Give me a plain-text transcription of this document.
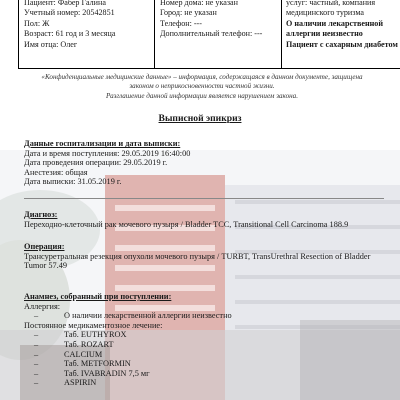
Пациент: Фабер Галина
Учетный номер: 20542851
Пол: Ж
Возраст: 61 год и 3 месяца
Имя отца: Олег
Номер дома: не указан
Город: не указан
Телефон: ---
Дополнительный телефон: ---
услуг: частный, компания медицинского туризма
О наличии лекарственной аллергии неизвестно
Пациент с сахарным диабетом
«Конфиденциальные медицинские данные» – информация, содержащаяся в данном документе, защищена
законом о неприкосновенности частной жизни.
Разглашение данной информации является нарушением закона.
Выписной эпикриз
Данные госпитализации и дата выписки:
Дата и время поступления: 29.05.2019 16:40:00
Дата проведения операции: 29.05.2019 г.
Анестезия: общая
Дата выписки: 31.05.2019 г.
Диагноз:
Переходно-клеточный рак мочевого пузыря / Bladder TCC, Transitional Cell Carcinoma 188.9
Операция:
Трансуретральная резекция опухоли мочевого пузыря / TURBT, TransUrethral Resection of Bladder Tumor 57.49
Анамнез, собранный при поступлении:
Аллергия:
– О наличии лекарственной аллергии неизвестно
Постоянное медикаментозное лечение:
– Таб. EUTHYROX
– Таб. ROZART
– CALCIUM
– Таб. METFORMIN
– Таб. IVABRADIN 7,5 мг
– ASPIRIN
